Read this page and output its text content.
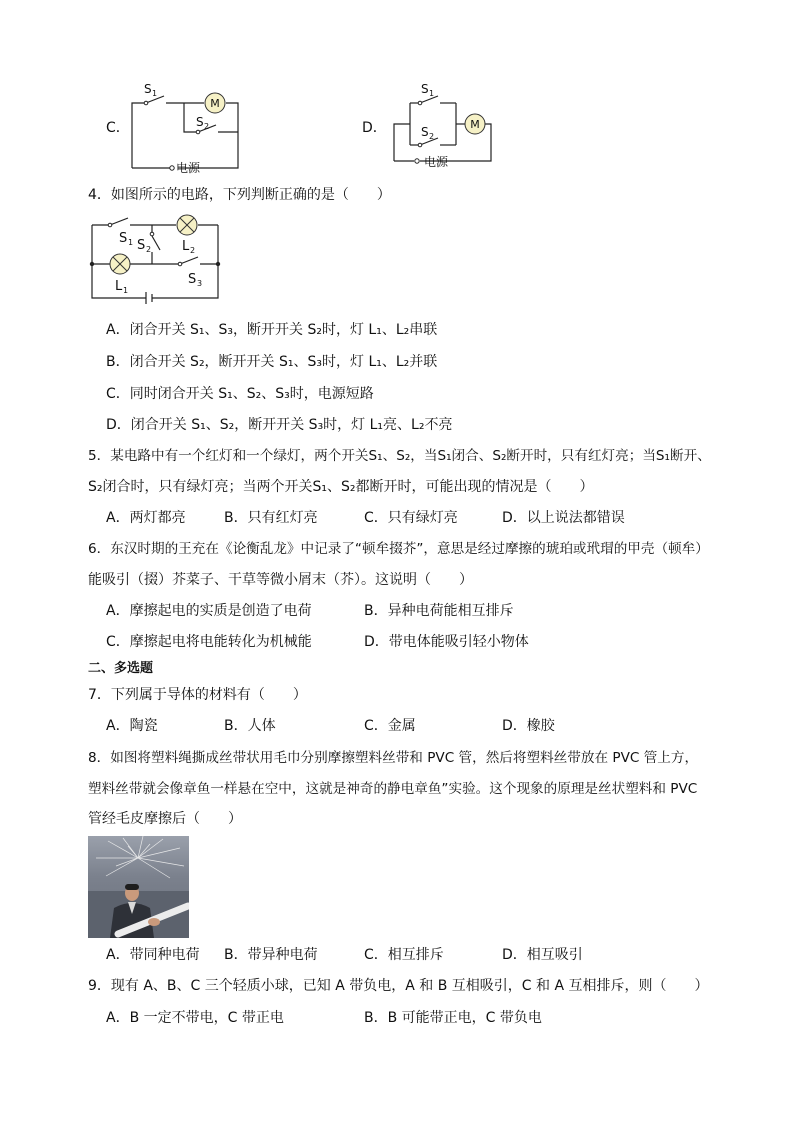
C．
M
S 1
S 2
电源
D．	M
S 1
S 2
电源
4．如图所示的电路，下列判断正确的是（　　）
S 1 S 2 L 2
S 3
L 1
A．闭合开关 S₁、S₃，断开开关 S₂时，灯 L₁、L₂串联
B．闭合开关 S₂，断开开关 S₁、S₃时，灯 L₁、L₂并联
C．同时闭合开关 S₁、S₂、S₃时，电源短路
D．闭合开关 S₁、S₂，断开开关 S₃时，灯 L₁亮、L₂不亮
5．某电路中有一个红灯和一个绿灯，两个开关S₁、S₂，当S₁闭合、S₂断开时，只有红灯亮；当S₁断开、
S₂闭合时，只有绿灯亮；当两个开关S₁、S₂都断开时，可能出现的情况是（　　）
A．两灯都亮	B．只有红灯亮	C．只有绿灯亮	D．以上说法都错误
6．东汉时期的王充在《论衡乱龙》中记录了“顿牟掇芥”，意思是经过摩擦的琥珀或玳瑁的甲壳（顿牟）
能吸引（掇）芥菜子、干草等微小屑末（芥）。这说明（　　）
A．摩擦起电的实质是创造了电荷	B．异种电荷能相互排斥
C．摩擦起电将电能转化为机械能	D．带电体能吸引轻小物体
二、多选题
7．下列属于导体的材料有（　　）
A．陶瓷	B．人体	C．金属	D．橡胶
8．如图将塑料绳撕成丝带状用毛巾分别摩擦塑料丝带和 PVC 管，然后将塑料丝带放在 PVC 管上方，
塑料丝带就会像章鱼一样悬在空中，这就是神奇的静电章鱼”实验。这个现象的原理是丝状塑料和 PVC
管经毛皮摩擦后（　　）
A．带同种电荷 B．带异种电荷	C．相互排斥	D．相互吸引
9．现有 A、B、C 三个轻质小球，已知 A 带负电，A 和 B 互相吸引，C 和 A 互相排斥，则（　　）
A．B 一定不带电，C 带正电	B．B 可能带正电，C 带负电
